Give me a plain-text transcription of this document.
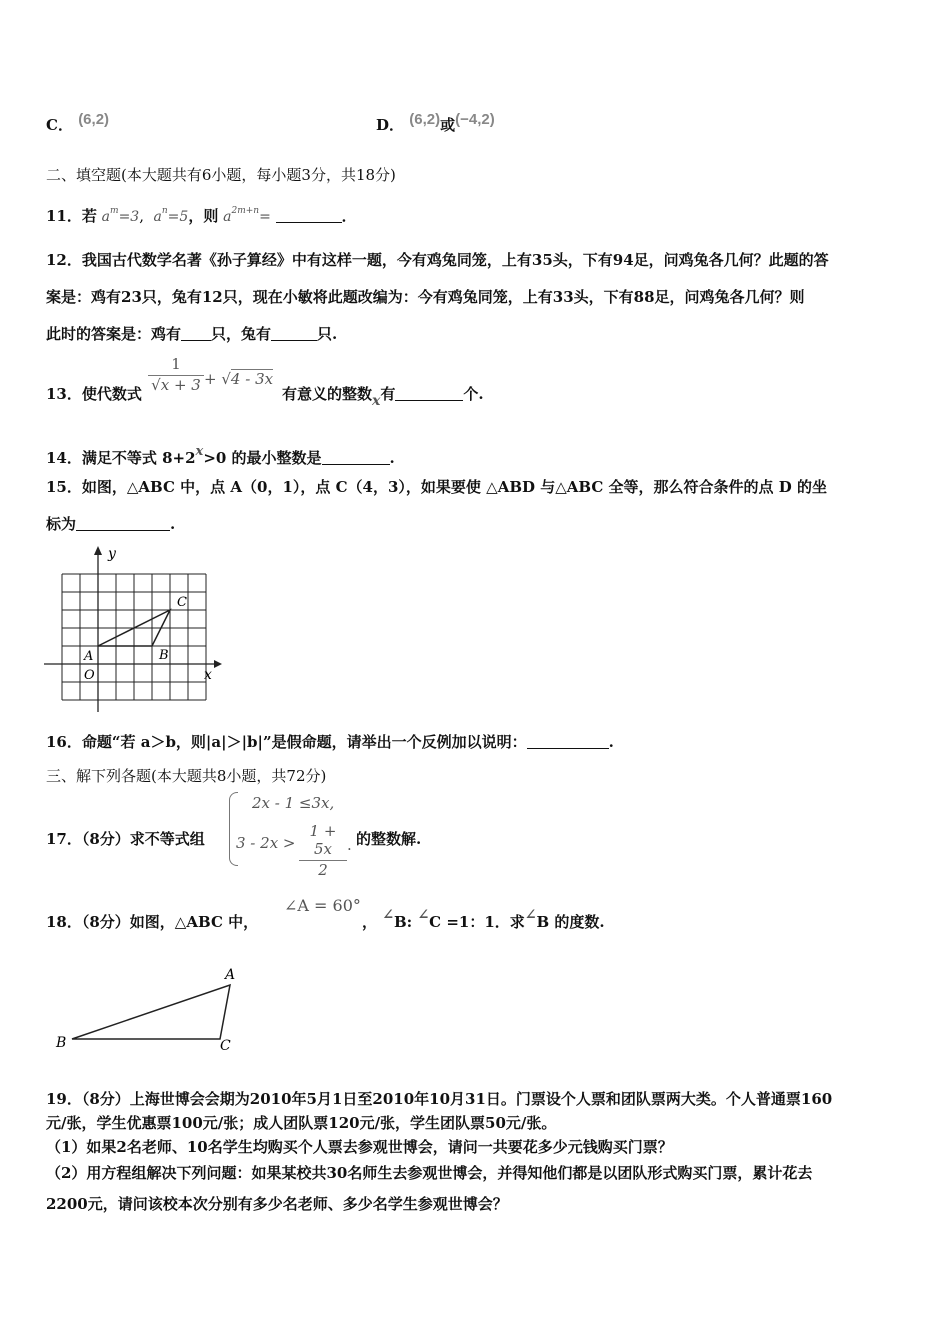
C． (6,2)	D． (6,2)或(−4,2)
二、填空题(本大题共有6小题，每小题3分，共18分)
11．若 $a^m=3$,  $a^n=5$，则 $a^{2m+n}=$	．
12．我国古代数学名著《孙子算经》中有这样一题，今有鸡兔同笼，上有35头，下有94足，问鸡兔各几何？此题的答
案是：鸡有23只，兔有12只，现在小敏将此题改编为：今有鸡兔同笼，上有33头，下有88足，问鸡兔各几何？则
此时的答案是：鸡有 只，兔有	只.
13．使代数式
1
√x + 3 + √4 - 3x
有意义的整数x有	个.
14．满足不等式 8+2x>0 的最小整数是	.
15．如图，△ABC 中，点 A（0，1），点 C（4，3），如果要使 △ABD 与△ABC 全等，那么符合条件的点 D 的坐
标为	.
y
x
A
O
B
C
16．命题“若 a＞b，则|a|＞|b|”是假命题，请举出一个反例加以说明：	.
三、解下列各题(本大题共8小题，共72分)
17．（8分）求不等式组
2x - 1 ≤3x,
3 - 2x >
1 + 5x
2
. 的整数解.
18．（8分）如图，△ABC 中，
∠A = 60°
， ∠B: ∠C =1：1．求∠B 的度数.
A
B	C
19．（8分）上海世博会会期为2010年5月1日至2010年10月31日。门票设个人票和团队票两大类。个人普通票160
元/张，学生优惠票100元/张；成人团队票120元/张，学生团队票50元/张。
（1）如果2名老师、10名学生均购买个人票去参观世博会，请问一共要花多少元钱购买门票？
（2）用方程组解决下列问题：如果某校共30名师生去参观世博会，并得知他们都是以团队形式购买门票，累计花去
2200元，请问该校本次分别有多少名老师、多少名学生参观世博会？
